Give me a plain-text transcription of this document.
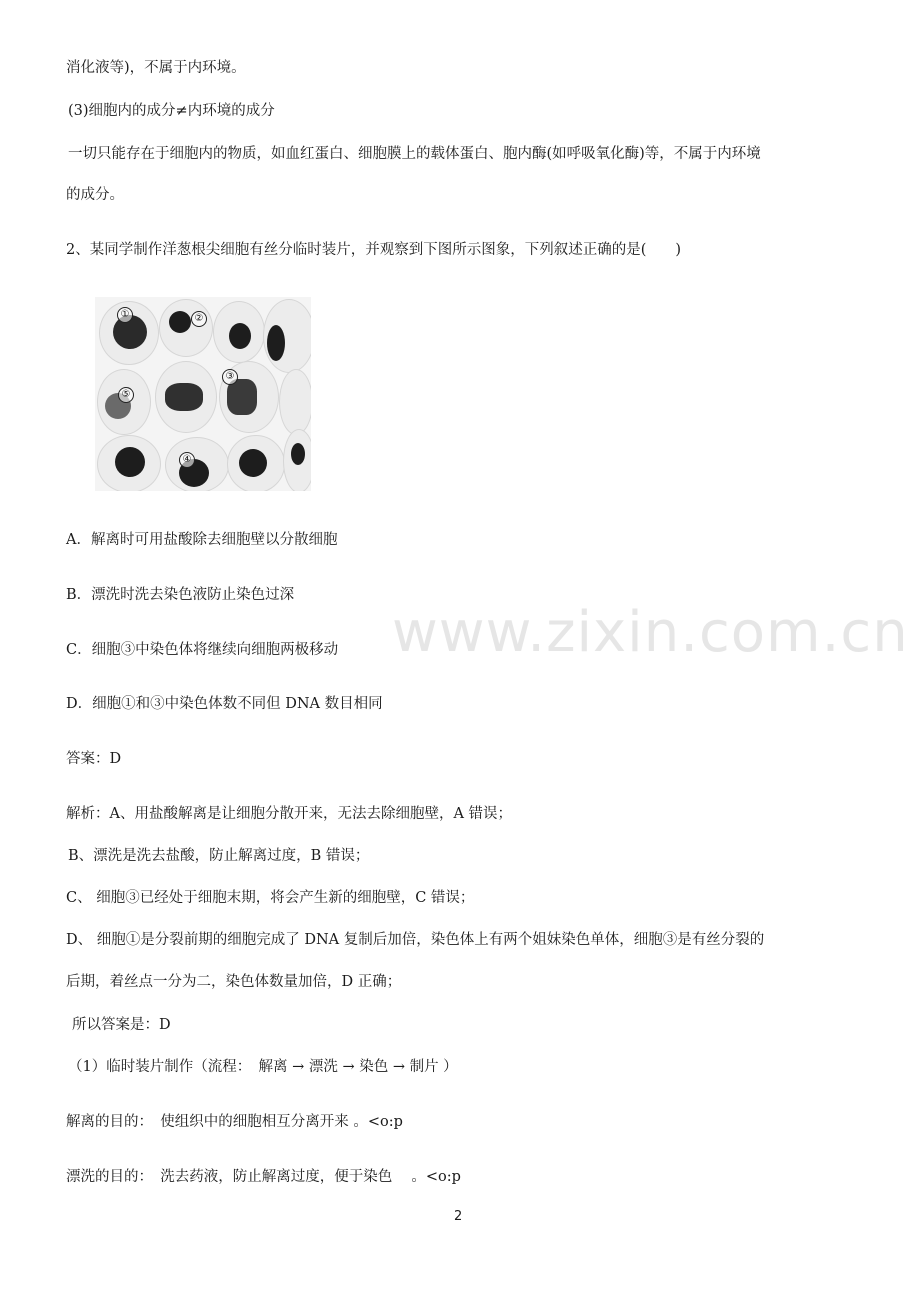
消化液等)，不属于内环境。
(3)细胞内的成分≠内环境的成分
一切只能存在于细胞内的物质，如血红蛋白、细胞膜上的载体蛋白、胞内酶(如呼吸氧化酶)等，不属于内环境
的成分。
2、某同学制作洋葱根尖细胞有丝分临时装片，并观察到下图所示图象，下列叙述正确的是(　　)
①	②
③
④
⑤
A．解离时可用盐酸除去细胞壁以分散细胞
B．漂洗时洗去染色液防止染色过深
C．细胞③中染色体将继续向细胞两极移动
D．细胞①和③中染色体数不同但 DNA 数目相同
www.zixin.com.cn
答案：D
解析：A、用盐酸解离是让细胞分散开来，无法去除细胞壁，A 错误；
B、漂洗是洗去盐酸，防止解离过度，B 错误；
C、 细胞③已经处于细胞末期，将会产生新的细胞壁，C 错误；
D、 细胞①是分裂前期的细胞完成了 DNA 复制后加倍，染色体上有两个姐妹染色单体，细胞③是有丝分裂的
后期，着丝点一分为二，染色体数量加倍，D 正确；
所以答案是：D
（1）临时装片制作（流程：　解离 → 漂洗 → 染色 → 制片 ）
解离的目的：　使组织中的细胞相互分离开来 。<o:p
漂洗的目的：　洗去药液，防止解离过度，便于染色　 。<o:p
2
